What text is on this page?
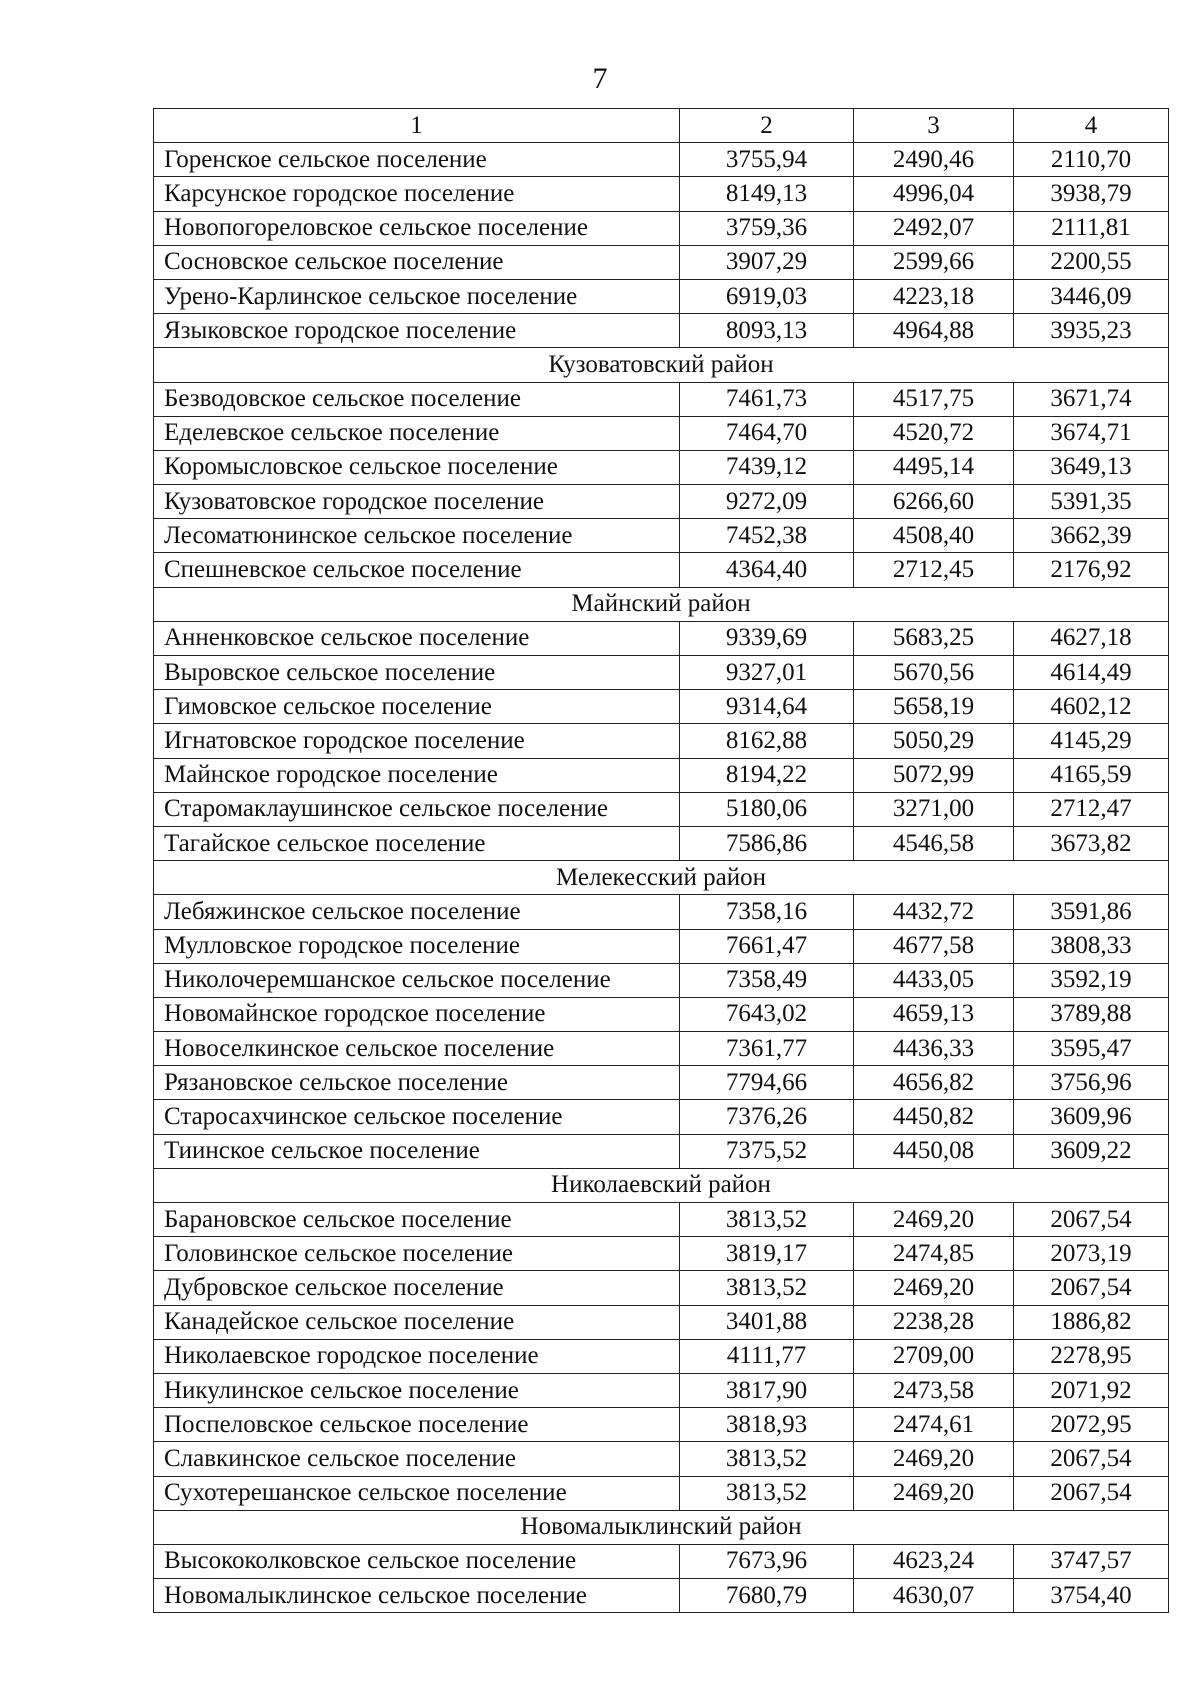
7
1	2	3	4
Горенское сельское поселение	3755,94	2490,46	2110,70
Карсунское городское поселение	8149,13	4996,04	3938,79
Новопогореловское сельское поселение	3759,36	2492,07	2111,81
Сосновское сельское поселение	3907,29	2599,66	2200,55
Урено-Карлинское сельское поселение	6919,03	4223,18	3446,09
Языковское городское поселение	8093,13	4964,88	3935,23
Кузоватовский район			
Безводовское сельское поселение	7461,73	4517,75	3671,74
Еделевское сельское поселение	7464,70	4520,72	3674,71
Коромысловское сельское поселение	7439,12	4495,14	3649,13
Кузоватовское городское поселение	9272,09	6266,60	5391,35
Лесоматюнинское сельское поселение	7452,38	4508,40	3662,39
Спешневское сельское поселение	4364,40	2712,45	2176,92
Майнский район			
Анненковское сельское поселение	9339,69	5683,25	4627,18
Выровское сельское поселение	9327,01	5670,56	4614,49
Гимовское сельское поселение	9314,64	5658,19	4602,12
Игнатовское городское поселение	8162,88	5050,29	4145,29
Майнское городское поселение	8194,22	5072,99	4165,59
Старомаклаушинское сельское поселение	5180,06	3271,00	2712,47
Тагайское сельское поселение	7586,86	4546,58	3673,82
Мелекесский район			
Лебяжинское сельское поселение	7358,16	4432,72	3591,86
Мулловское городское поселение	7661,47	4677,58	3808,33
Николочеремшанское сельское поселение	7358,49	4433,05	3592,19
Новомайнское городское поселение	7643,02	4659,13	3789,88
Новоселкинское сельское поселение	7361,77	4436,33	3595,47
Рязановское сельское поселение	7794,66	4656,82	3756,96
Старосахчинское сельское поселение	7376,26	4450,82	3609,96
Тиинское сельское поселение	7375,52	4450,08	3609,22
Николаевский район			
Барановское сельское поселение	3813,52	2469,20	2067,54
Головинское сельское поселение	3819,17	2474,85	2073,19
Дубровское сельское поселение	3813,52	2469,20	2067,54
Канадейское сельское поселение	3401,88	2238,28	1886,82
Николаевское городское поселение	4111,77	2709,00	2278,95
Никулинское сельское поселение	3817,90	2473,58	2071,92
Поспеловское сельское поселение	3818,93	2474,61	2072,95
Славкинское сельское поселение	3813,52	2469,20	2067,54
Сухотерешанское сельское поселение	3813,52	2469,20	2067,54
Новомалыклинский район			
Высококолковское сельское поселение	7673,96	4623,24	3747,57
Новомалыклинское сельское поселение	7680,79	4630,07	3754,40
